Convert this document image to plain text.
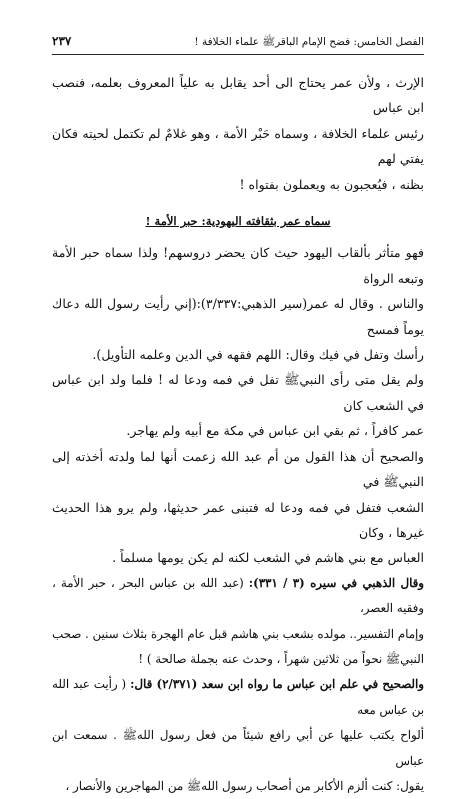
الفصل الخامس: فضح الإمام الباقرﷺ علماء الخلافة !
٢٣٧

الإرث ، ولأن عمر يحتاج الى أحد يقابل به علياً المعروف بعلمه، فنصب ابن عباس

رئيس علماء الخلافة ، وسماه حَبْر الأمة ، وهو غلامٌ لم تكتمل لحيته فكان يفتي لهم

بظنه ، فيُعجبون به ويعملون بفتواه !

سماه عمر بثقافته اليهودية: حبر الأمة !

فهو متأثر بألقاب اليهود حيث كان يحضر دروسهم! ولذا سماه حبر الأمة وتبعه الرواة

والناس . وقال له عمر(سير الذهبي:٣/٣٣٧):(إني رأيت رسول الله دعاك يوماً فمسح

رأسك وتفل في فيك وقال: اللهم فقهه في الدين وعلمه التأويل).

ولم يقل متى رأى النبيﷺ تفل في فمه ودعا له ! فلما ولد ابن عباس في الشعب كان

عمر كافراً ، ثم بقي ابن عباس في مكة مع أبيه ولم يهاجر.

والصحيح أن هذا القول من أم عبد الله زعمت أنها لما ولدته أخذته إلى النبيﷺ في

الشعب فتفل في فمه ودعا له فتبنى عمر حديثها، ولم يرو هذا الحديث غيرها ، وكان

العباس مع بني هاشم في الشعب لكنه لم يكن يومها مسلماً .

وقال الذهبي في سيره (٣ / ٣٣١): (عبد الله بن عباس البحر ، حبر الأمة ، وفقيه العصر،

وإمام التفسير.. مولده بشعب بني هاشم قبل عام الهجرة بثلاث سنين . صحب

النبيﷺ نحواً من ثلاثين شهراً ، وحدث عنه بجملة صالحة ) !

والصحيح في علم ابن عباس ما رواه ابن سعد (٢/٣٧١) قال: ( رأيت عبد الله بن عباس معه

ألواح يكتب عليها عن أبي رافع شيئاً من فعل رسول اللهﷺ . سمعت ابن عباس

يقول: كنت ألزم الأكابر من أصحاب رسول اللهﷺ من المهاجرين والأنصار ،
